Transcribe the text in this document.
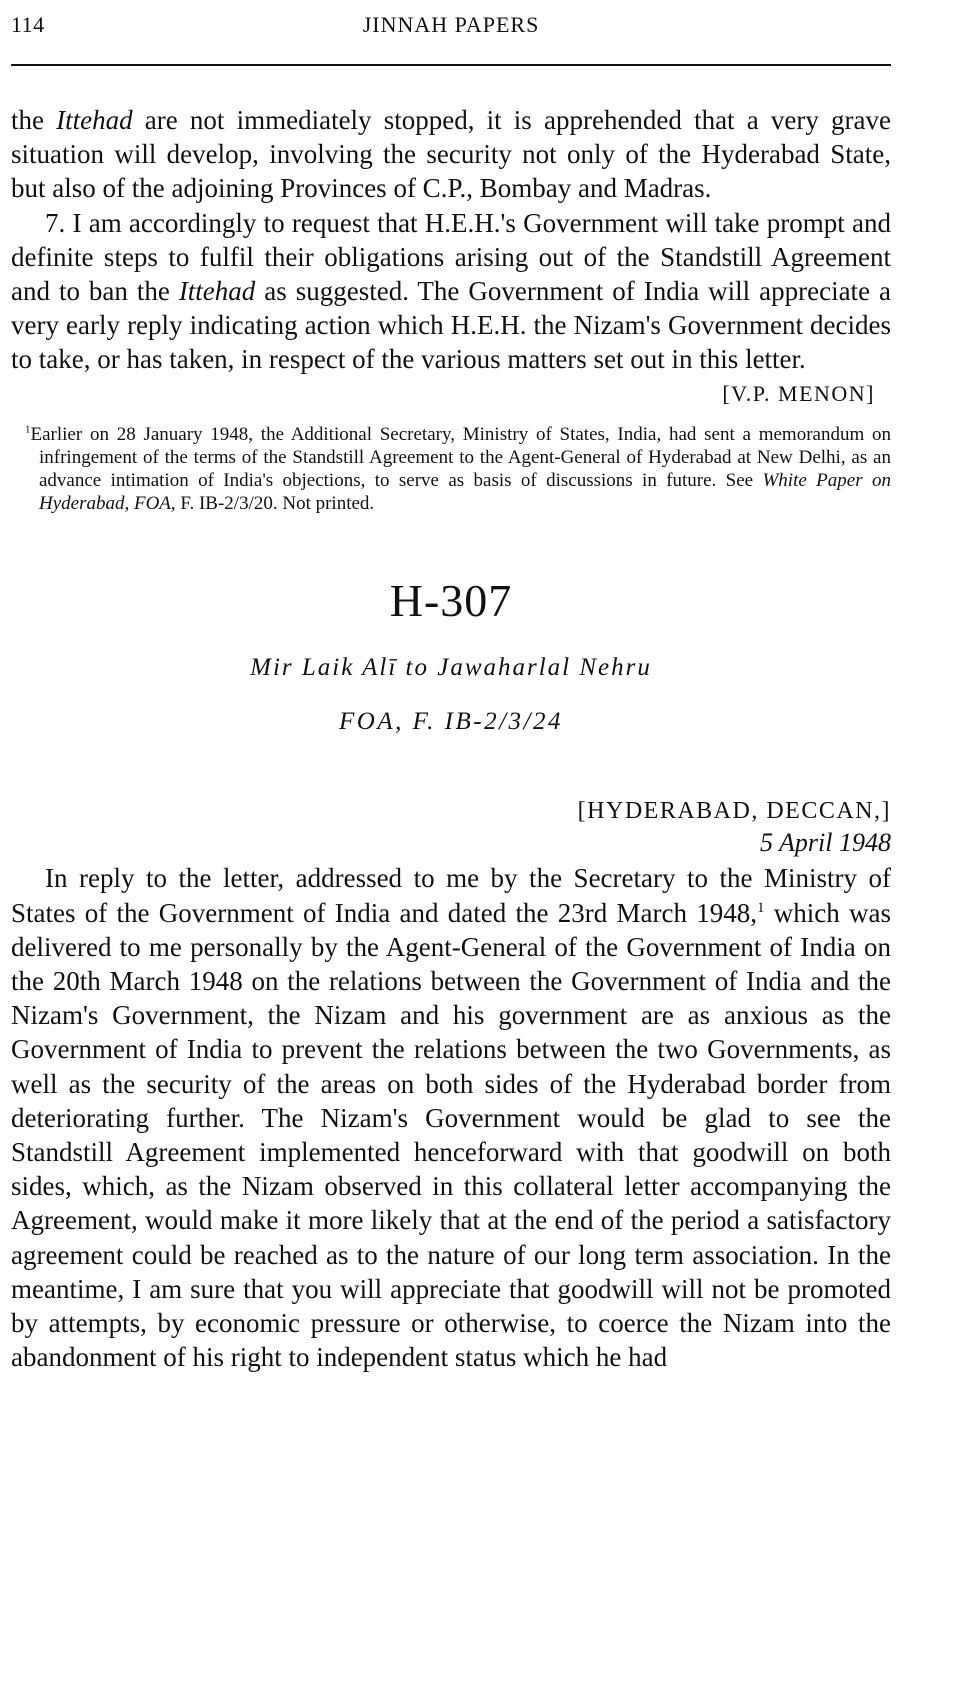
114	JINNAH PAPERS

the Ittehad are not immediately stopped, it is apprehended that a very grave situation will develop, involving the security not only of the Hyderabad State, but also of the adjoining Provinces of C.P., Bombay and Madras.

7. I am accordingly to request that H.E.H.'s Government will take prompt and definite steps to fulfil their obligations arising out of the Standstill Agreement and to ban the Ittehad as suggested. The Government of India will appreciate a very early reply indicating action which H.E.H. the Nizam's Government decides to take, or has taken, in respect of the various matters set out in this letter.

[V.P. MENON]

$^1$Earlier on 28 January 1948, the Additional Secretary, Ministry of States, India, had sent a memorandum on infringement of the terms of the Standstill Agreement to the Agent-General of Hyderabad at New Delhi, as an advance intimation of India's objections, to serve as basis of discussions in future. See White Paper on Hyderabad, FOA, F. IB-2/3/20. Not printed.
H-307

Mir Laik Alī to Jawaharlal Nehru

FOA, F. IB-2/3/24

[HYDERABAD, DECCAN,]

5 April 1948

In reply to the letter, addressed to me by the Secretary to the Ministry of States of the Government of India and dated the 23rd March 1948,$^1$ which was delivered to me personally by the Agent-General of the Government of India on the 20th March 1948 on the relations between the Government of India and the Nizam's Government, the Nizam and his government are as anxious as the Government of India to prevent the relations between the two Governments, as well as the security of the areas on both sides of the Hyderabad border from deteriorating further. The Nizam's Government would be glad to see the Standstill Agreement implemented henceforward with that goodwill on both sides, which, as the Nizam observed in this collateral letter accompanying the Agreement, would make it more likely that at the end of the period a satisfactory agreement could be reached as to the nature of our long term association. In the meantime, I am sure that you will appreciate that goodwill will not be promoted by attempts, by economic pressure or otherwise, to coerce the Nizam into the abandonment of his right to independent status which he had
